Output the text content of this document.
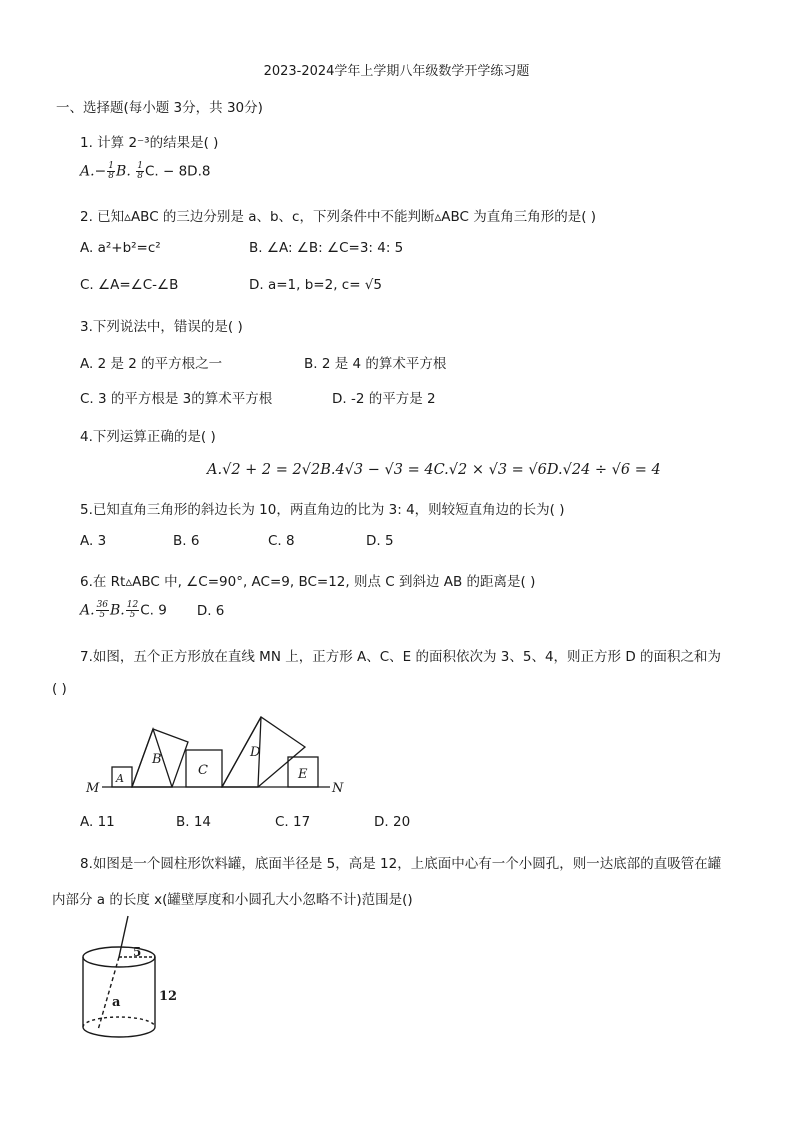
2023-2024学年上学期八年级数学开学练习题
一、选择题(每小题 3分，共 30分)
1. 计算 2⁻³的结果是( )
$A.- \frac{1}{8} B$. $\frac{1}{8} C$. − 8D.8
2. 已知▵ABC 的三边分别是 a、b、c，下列条件中不能判断▵ABC 为直角三角形的是( )
A. a²+b²=c²	B. ∠A: ∠B: ∠C=3: 4: 5
C. ∠A=∠C-∠B	D. a=1, b=2, c= √5
3.下列说法中，错误的是( )
A. 2 是 2 的平方根之一	B. 2 是 4 的算术平方根
C. 3 的平方根是 3的算术平方根	D. -2 的平方是 2
4.下列运算正确的是( )
A.√2 + 2 = 2√2B.4√3 − √3 = 4C.√2 × √3 = √6D.√24 ÷ √6 = 4
5.已知直角三角形的斜边长为 10，两直角边的比为 3: 4，则较短直角边的长为( )
A. 3	B. 6	C. 8	D. 5
6.在 Rt▵ABC 中, ∠C=90°, AC=9, BC=12, 则点 C 到斜边 AB 的距离是( )
A. $\frac{36}{5} B$. $\frac{12}{5} C$. 9 D. 6
7.如图，五个正方形放在直线 MN 上，正方形 A、C、E 的面积依次为 3、5、4，则正方形 D 的面积之和为
( )
M	N
A
B
C
D
E
A. 11	B. 14	C. 17	D. 20
8.如图是一个圆柱形饮料罐，底面半径是 5，高是 12，上底面中心有一个小圆孔，则一达底部的直吸管在罐
内部分 a 的长度 x(罐壁厚度和小圆孔大小忽略不计)范围是()
5
12
a
